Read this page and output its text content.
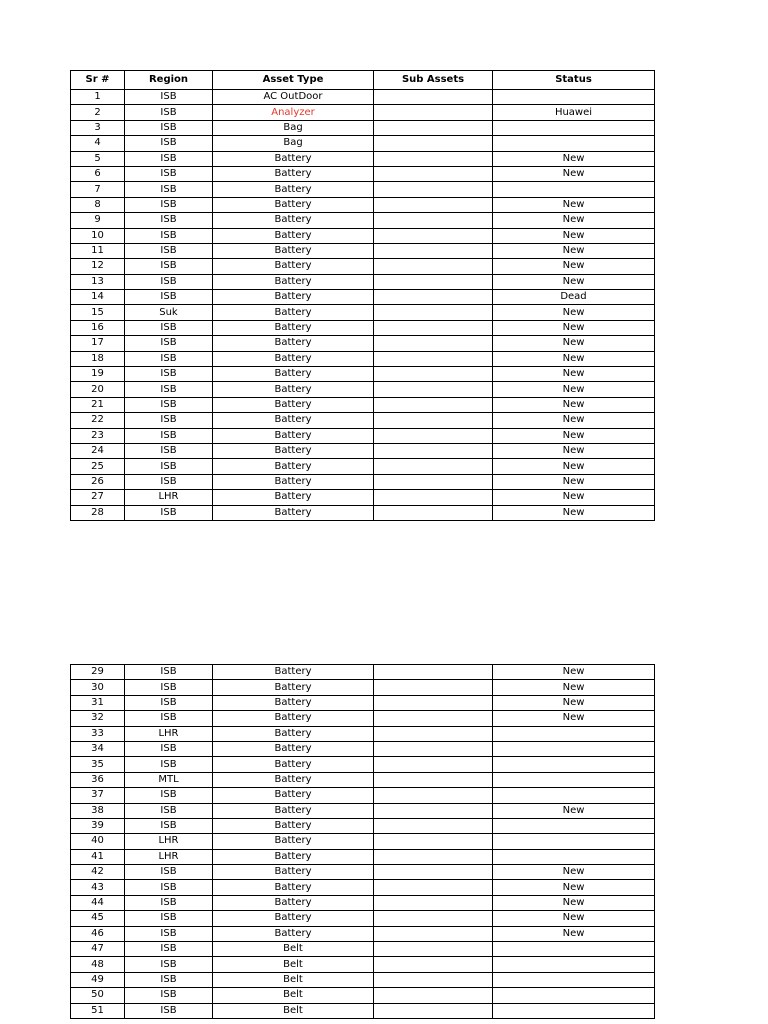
Sr #	Region	Asset Type	Sub Assets	Status
1	ISB	AC OutDoor		
2	ISB	Analyzer		Huawei
3	ISB	Bag		
4	ISB	Bag		
5	ISB	Battery		New
6	ISB	Battery		New
7	ISB	Battery		
8	ISB	Battery		New
9	ISB	Battery		New
10	ISB	Battery		New
11	ISB	Battery		New
12	ISB	Battery		New
13	ISB	Battery		New
14	ISB	Battery		Dead
15	Suk	Battery		New
16	ISB	Battery		New
17	ISB	Battery		New
18	ISB	Battery		New
19	ISB	Battery		New
20	ISB	Battery		New
21	ISB	Battery		New
22	ISB	Battery		New
23	ISB	Battery		New
24	ISB	Battery		New
25	ISB	Battery		New
26	ISB	Battery		New
27	LHR	Battery		New
28	ISB	Battery		New
29	ISB	Battery		New
30	ISB	Battery		New
31	ISB	Battery		New
32	ISB	Battery		New
33	LHR	Battery		
34	ISB	Battery		
35	ISB	Battery		
36	MTL	Battery		
37	ISB	Battery		
38	ISB	Battery		New
39	ISB	Battery		
40	LHR	Battery		
41	LHR	Battery		
42	ISB	Battery		New
43	ISB	Battery		New
44	ISB	Battery		New
45	ISB	Battery		New
46	ISB	Battery		New
47	ISB	Belt		
48	ISB	Belt		
49	ISB	Belt		
50	ISB	Belt		
51	ISB	Belt		
